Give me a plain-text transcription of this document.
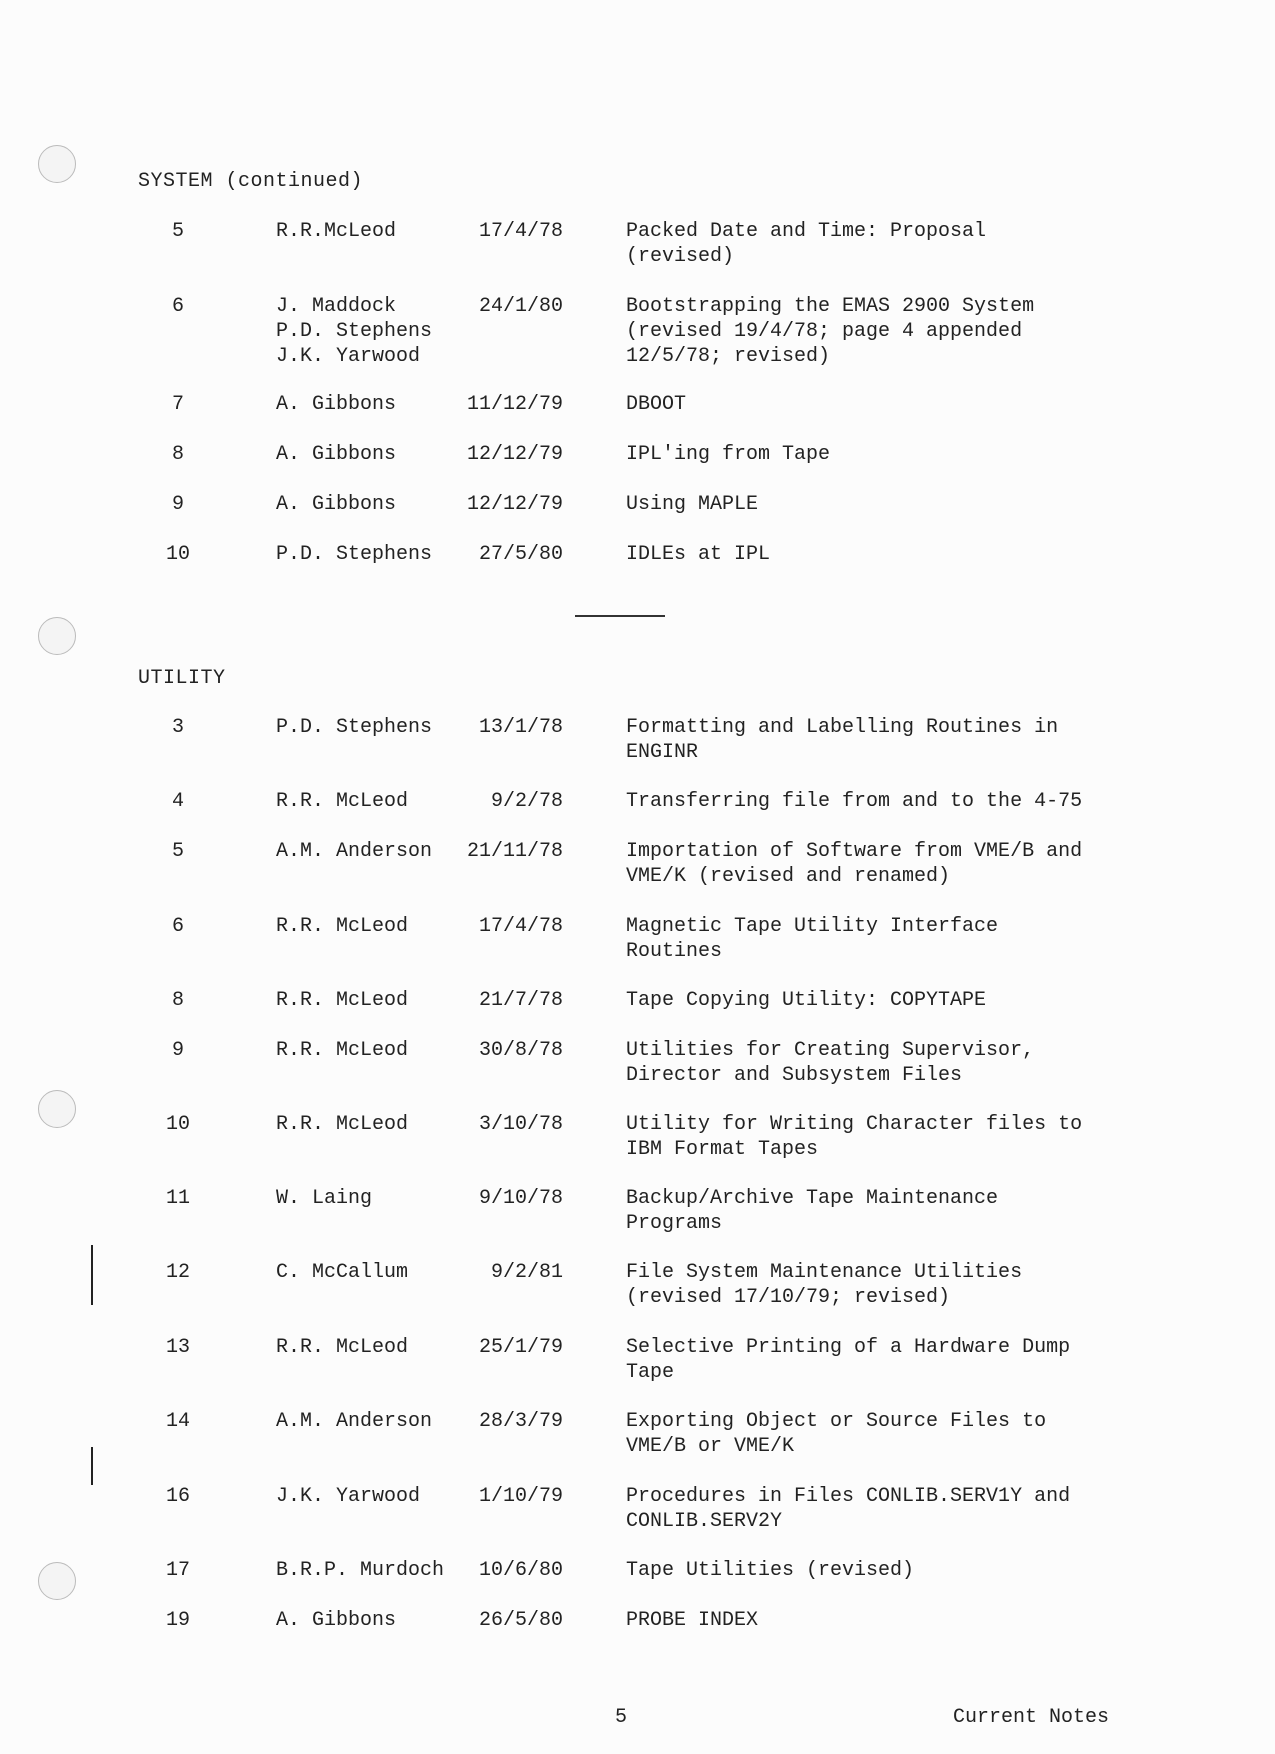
SYSTEM (continued)
5	R.R.McLeod	17/4/78	Packed Date and Time: Proposal
(revised)
6	J. Maddock
P.D. Stephens
J.K. Yarwood
24/1/80	Bootstrapping the EMAS 2900 System
(revised 19/4/78; page 4 appended
12/5/78; revised)
7	A. Gibbons	11/12/79	DBOOT
8	A. Gibbons	12/12/79	IPL'ing from Tape
9	A. Gibbons	12/12/79	Using MAPLE
10	P.D. Stephens	27/5/80	IDLEs at IPL
UTILITY
3	P.D. Stephens	13/1/78	Formatting and Labelling Routines in
ENGINR
4	R.R. McLeod	9/2/78	Transferring file from and to the 4-75
5	A.M. Anderson	21/11/78	Importation of Software from VME/B and
VME/K (revised and renamed)
6	R.R. McLeod	17/4/78	Magnetic Tape Utility Interface
Routines
8	R.R. McLeod	21/7/78	Tape Copying Utility: COPYTAPE
9	R.R. McLeod	30/8/78	Utilities for Creating Supervisor,
Director and Subsystem Files
10	R.R. McLeod	3/10/78	Utility for Writing Character files to
IBM Format Tapes
11	W. Laing	9/10/78	Backup/Archive Tape Maintenance
Programs
12	C. McCallum	9/2/81	File System Maintenance Utilities
(revised 17/10/79; revised)
13	R.R. McLeod	25/1/79	Selective Printing of a Hardware Dump
Tape
14	A.M. Anderson	28/3/79	Exporting Object or Source Files to
VME/B or VME/K
16	J.K. Yarwood	1/10/79	Procedures in Files CONLIB.SERV1Y and
CONLIB.SERV2Y
17	B.R.P. Murdoch	10/6/80	Tape Utilities (revised)
19	A. Gibbons	26/5/80	PROBE INDEX
5	Current Notes
